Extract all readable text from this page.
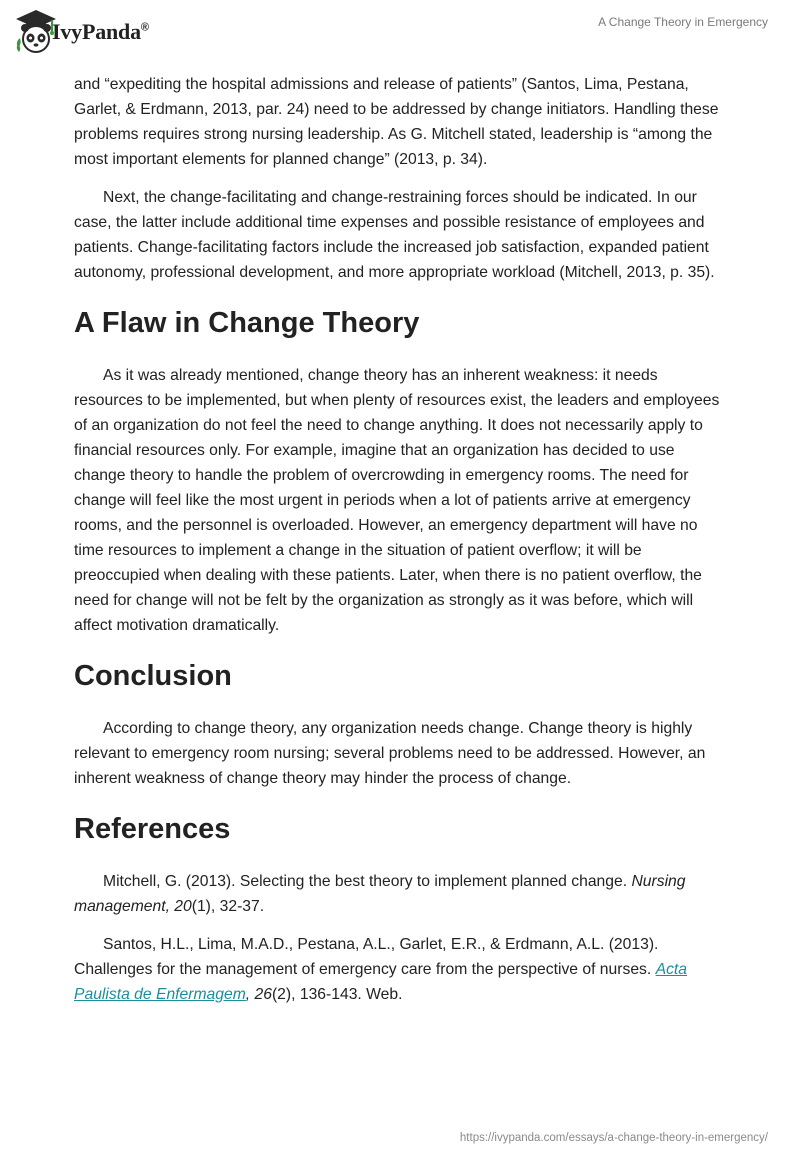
IvyPanda®	A Change Theory in Emergency

and “expediting the hospital admissions and release of patients” (Santos, Lima, Pestana, Garlet, & Erdmann, 2013, par. 24) need to be addressed by change initiators. Handling these problems requires strong nursing leadership. As G. Mitchell stated, leadership is “among the most important elements for planned change” (2013, p. 34).

Next, the change-facilitating and change-restraining forces should be indicated. In our case, the latter include additional time expenses and possible resistance of employees and patients. Change-facilitating factors include the increased job satisfaction, expanded patient autonomy, professional development, and more appropriate workload (Mitchell, 2013, p. 35).

A Flaw in Change Theory

As it was already mentioned, change theory has an inherent weakness: it needs resources to be implemented, but when plenty of resources exist, the leaders and employees of an organization do not feel the need to change anything. It does not necessarily apply to financial resources only. For example, imagine that an organization has decided to use change theory to handle the problem of overcrowding in emergency rooms. The need for change will feel like the most urgent in periods when a lot of patients arrive at emergency rooms, and the personnel is overloaded. However, an emergency department will have no time resources to implement a change in the situation of patient overflow; it will be preoccupied when dealing with these patients. Later, when there is no patient overflow, the need for change will not be felt by the organization as strongly as it was before, which will affect motivation dramatically.

Conclusion

According to change theory, any organization needs change. Change theory is highly relevant to emergency room nursing; several problems need to be addressed. However, an inherent weakness of change theory may hinder the process of change.

References

Mitchell, G. (2013). Selecting the best theory to implement planned change. Nursing management, 20(1), 32-37.

Santos, H.L., Lima, M.A.D., Pestana, A.L., Garlet, E.R., & Erdmann, A.L. (2013). Challenges for the management of emergency care from the perspective of nurses. Acta Paulista de Enfermagem, 26(2), 136-143. Web.

https://ivypanda.com/essays/a-change-theory-in-emergency/
